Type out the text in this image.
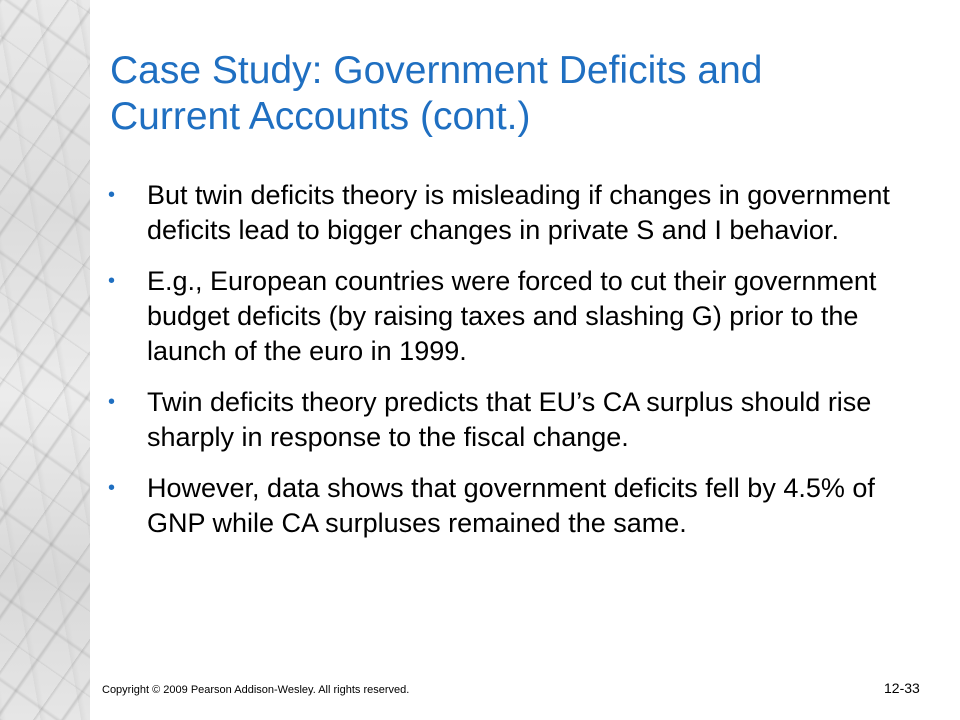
Case Study: Government Deficits and
Current Accounts (cont.)
• But twin deficits theory is misleading if changes in government deficits lead to bigger changes in private S and I behavior.
• E.g., European countries were forced to cut their government budget deficits (by raising taxes and slashing G) prior to the launch of the euro in 1999.
• Twin deficits theory predicts that EU’s CA surplus should rise sharply in response to the fiscal change.
• However, data shows that government deficits fell by 4.5% of GNP while CA surpluses remained the same.
Copyright © 2009 Pearson Addison-Wesley. All rights reserved.	12-33
